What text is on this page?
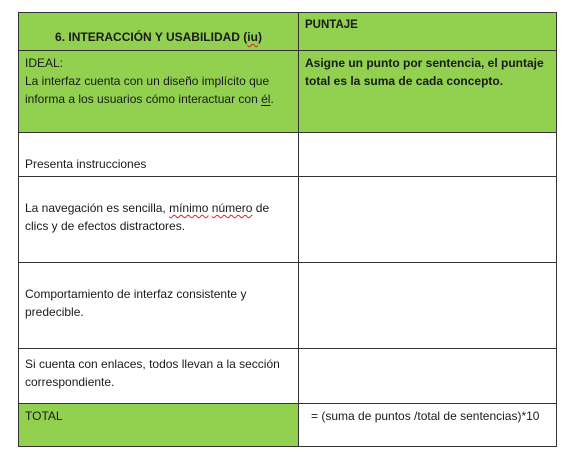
6. INTERACCIÓN Y USABILIDAD (iu)	PUNTAJE

IDEAL:
La interfaz cuenta con un diseño implícito que informa a los usuarios cómo interactuar con él.	Asigne un punto por sentencia, el puntaje total es la suma de cada concepto.
Presenta instrucciones	
La navegación es sencilla, mínimo número de clics y de efectos distractores.	
Comportamiento de interfaz consistente y predecible.	
Si cuenta con enlaces, todos llevan a la sección correspondiente.	
TOTAL	= (suma de puntos /total de sentencias)*10
